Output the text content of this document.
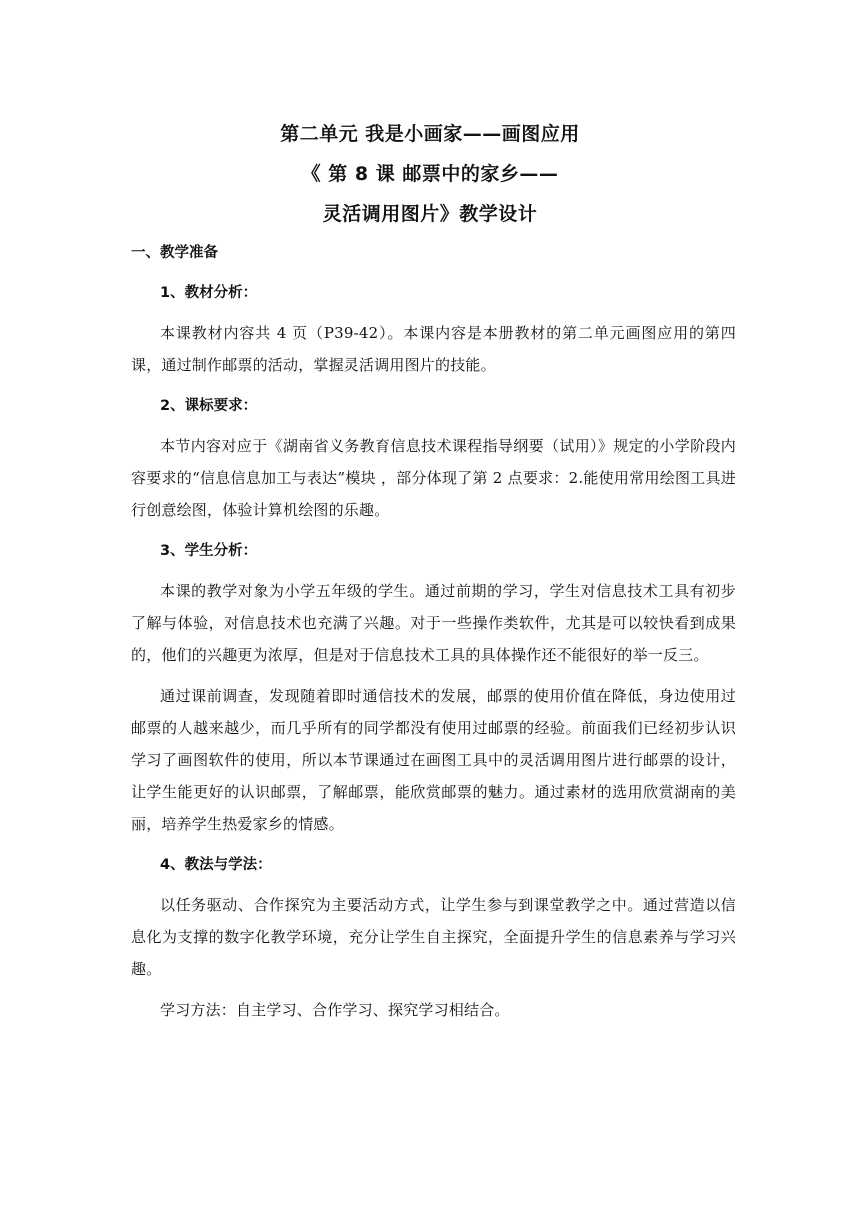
第二单元 我是小画家——画图应用
《 第 8 课 邮票中的家乡——
灵活调用图片》教学设计
一、教学准备
1、教材分析：

本课教材内容共 4 页（P39-42）。本课内容是本册教材的第二单元画图应用的第四课，通过制作邮票的活动，掌握灵活调用图片的技能。

2、课标要求：

本节内容对应于《湖南省义务教育信息技术课程指导纲要（试用）》规定的小学阶段内容要求的“信息信息加工与表达”模块 ，部分体现了第 2 点要求：2.能使用常用绘图工具进行创意绘图，体验计算机绘图的乐趣。

3、学生分析：

本课的教学对象为小学五年级的学生。通过前期的学习，学生对信息技术工具有初步了解与体验，对信息技术也充满了兴趣。对于一些操作类软件，尤其是可以较快看到成果的，他们的兴趣更为浓厚，但是对于信息技术工具的具体操作还不能很好的举一反三。

通过课前调查，发现随着即时通信技术的发展，邮票的使用价值在降低，身边使用过邮票的人越来越少，而几乎所有的同学都没有使用过邮票的经验。前面我们已经初步认识学习了画图软件的使用，所以本节课通过在画图工具中的灵活调用图片进行邮票的设计，让学生能更好的认识邮票，了解邮票，能欣赏邮票的魅力。通过素材的选用欣赏湖南的美丽，培养学生热爱家乡的情感。

4、教法与学法：

以任务驱动、合作探究为主要活动方式，让学生参与到课堂教学之中。通过营造以信息化为支撑的数字化教学环境，充分让学生自主探究，全面提升学生的信息素养与学习兴趣。

学习方法：自主学习、合作学习、探究学习相结合。
